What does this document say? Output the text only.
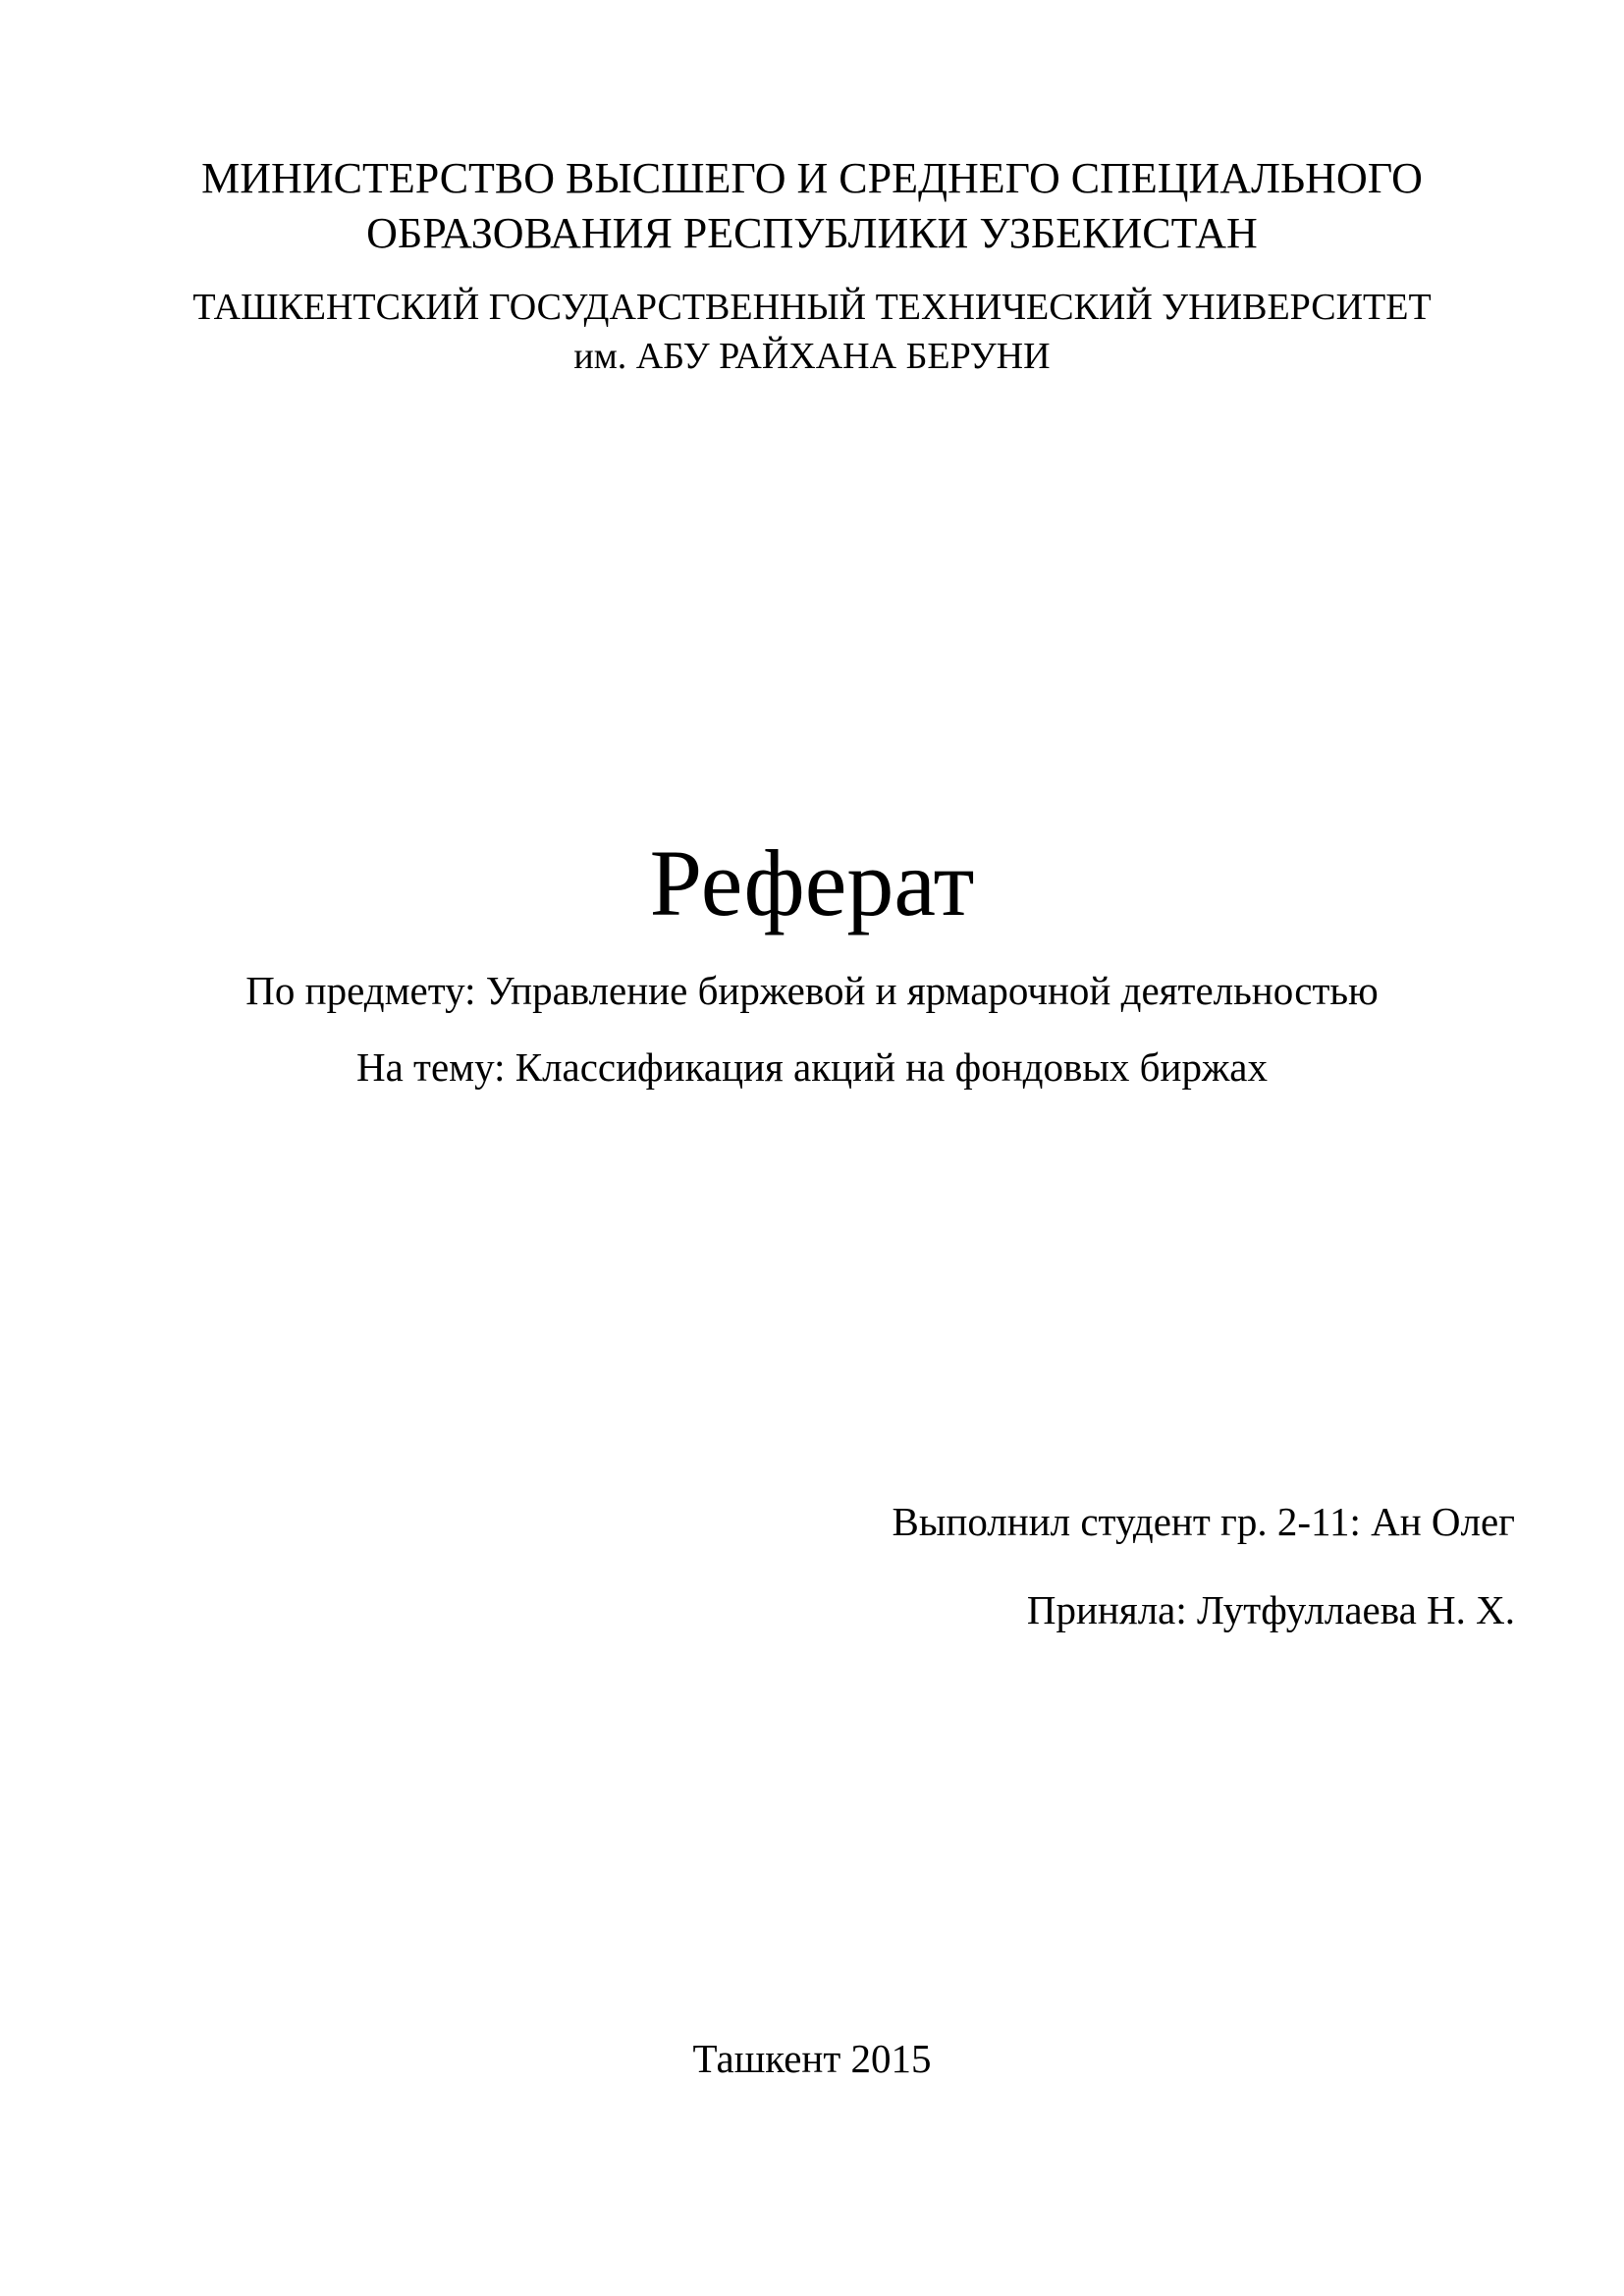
МИНИСТЕРСТВО ВЫСШЕГО И СРЕДНЕГО СПЕЦИАЛЬНОГО
ОБРАЗОВАНИЯ РЕСПУБЛИКИ УЗБЕКИСТАН
ТАШКЕНТСКИЙ ГОСУДАРСТВЕННЫЙ ТЕХНИЧЕСКИЙ УНИВЕРСИТЕТ
им. АБУ РАЙХАНА БЕРУНИ
Реферат
По предмету: Управление биржевой и ярмарочной деятельностью
На тему: Классификация акций на фондовых биржах
Выполнил студент гр. 2-11: Ан Олег
Приняла: Лутфуллаева Н. Х.
Ташкент 2015
